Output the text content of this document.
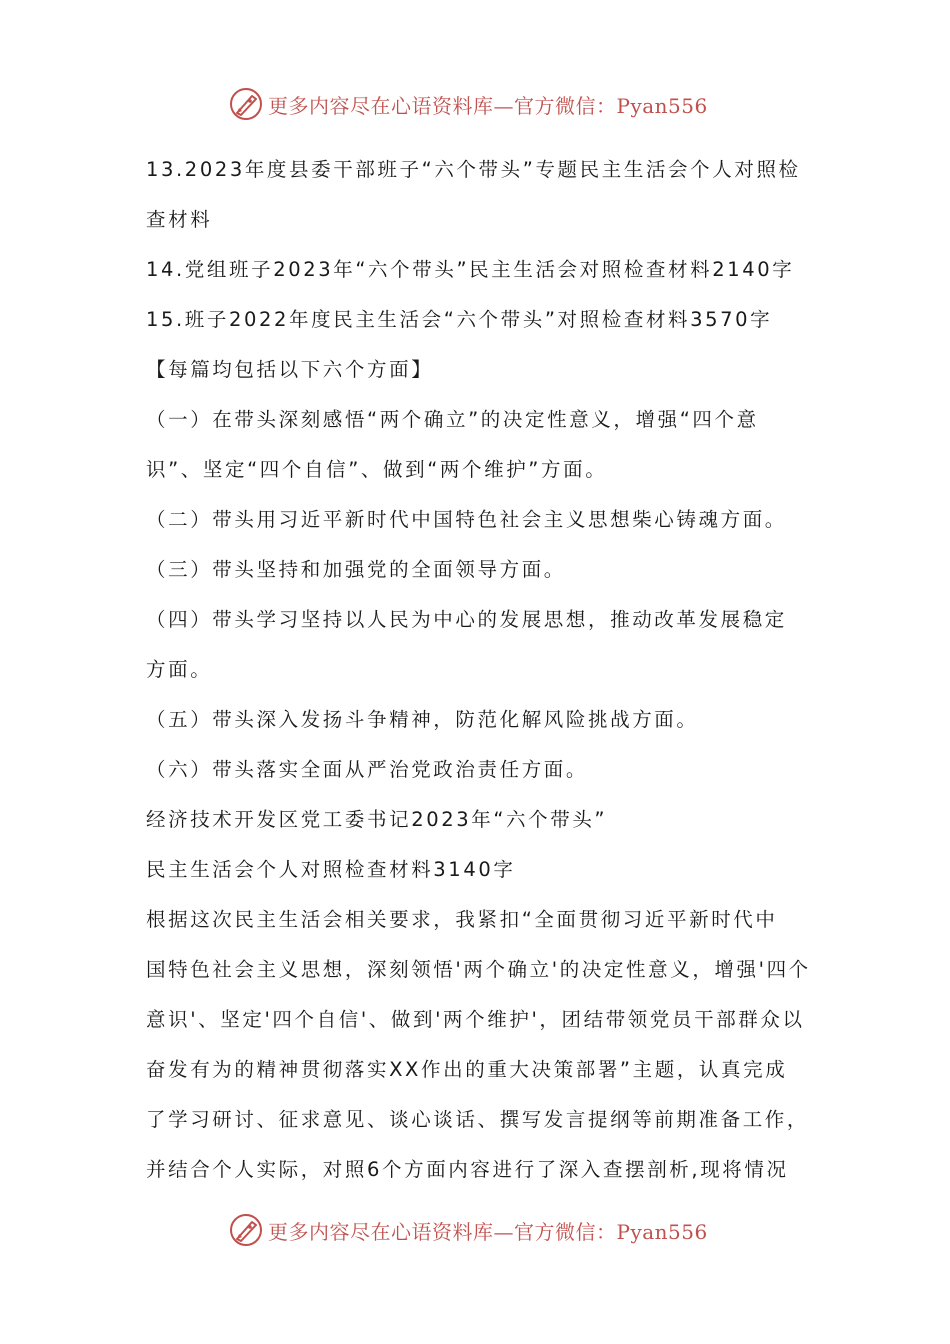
更多内容尽在心语资料库—官方微信：Pyan556
13.2023年度县委干部班子“六个带头”专题民主生活会个人对照检
查材料
14.党组班子2023年“六个带头”民主生活会对照检查材料2140字
15.班子2022年度民主生活会“六个带头”对照检查材料3570字
【每篇均包括以下六个方面】
（一）在带头深刻感悟“两个确立”的决定性意义，增强“四个意
识”、坚定“四个自信”、做到“两个维护”方面。
（二）带头用习近平新时代中国特色社会主义思想柴心铸魂方面。
（三）带头坚持和加强党的全面领导方面。
（四）带头学习坚持以人民为中心的发展思想，推动改革发展稳定
方面。
（五）带头深入发扬斗争精神，防范化解风险挑战方面。
（六）带头落实全面从严治党政治责任方面。
经济技术开发区党工委书记2023年“六个带头”
民主生活会个人对照检查材料3140字
根据这次民主生活会相关要求，我紧扣“全面贯彻习近平新时代中
国特色社会主义思想，深刻领悟'两个确立'的决定性意义，增强'四个
意识'、坚定'四个自信'、做到'两个维护'，团结带领党员干部群众以
奋发有为的精神贯彻落实XX作出的重大决策部署”主题，认真完成
了学习研讨、征求意见、谈心谈话、撰写发言提纲等前期准备工作，
并结合个人实际，对照6个方面内容进行了深入查摆剖析,现将情况
更多内容尽在心语资料库—官方微信：Pyan556
